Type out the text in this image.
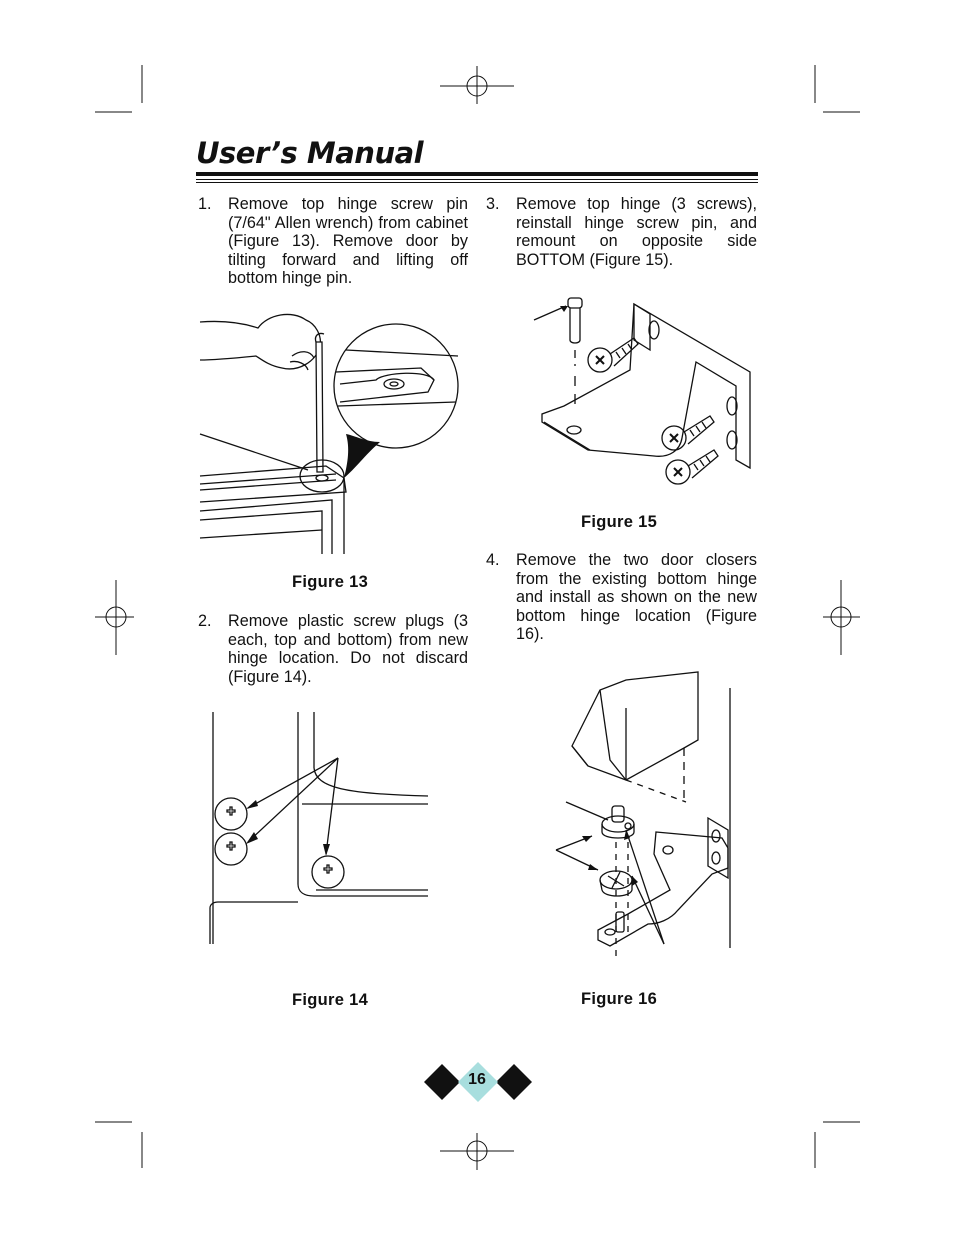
User’s Manual
1. Remove top hinge screw pin (7/64" Allen wrench) from cabinet (Figure 13). Remove door by tilting forward and lifting off bottom hinge pin.
3. Remove top hinge (3 screws), reinstall hinge screw pin, and remount on opposite side BOTTOM (Figure 15).
Figure 13
2. Remove plastic screw plugs (3 each, top and bottom) from new hinge location. Do not discard (Figure 14).
Figure 14
Figure 15
4. Remove the two door closers from the existing bottom hinge and install as shown on the new bottom hinge location (Figure 16).
Figure 16
16
